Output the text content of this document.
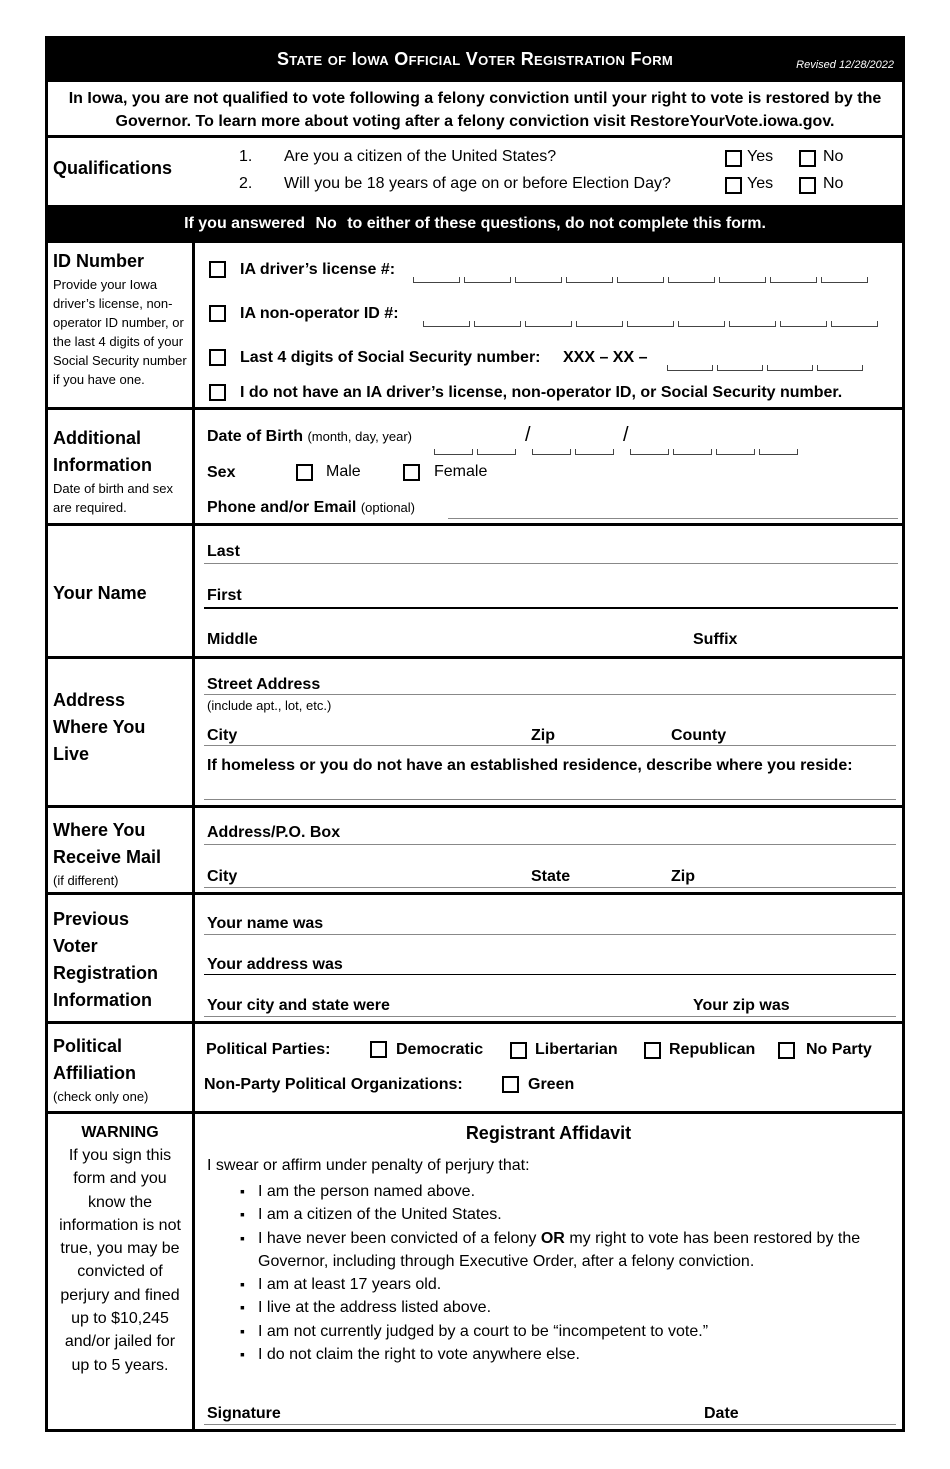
State of Iowa Official Voter Registration Form	Revised 12/28/2022
In Iowa, you are not qualified to vote following a felony conviction until your right to vote is restored by the Governor. To learn more about voting after a felony conviction visit RestoreYourVote.iowa.gov.
Qualifications
1. Are you a citizen of the United States?	Yes	No
2. Will you be 18 years of age on or before Election Day?	Yes	No
If you answered No to either of these questions, do not complete this form.
ID Number
Provide your Iowa driver’s license, non-operator ID number, or the last 4 digits of your Social Security number if you have one.
IA driver’s license #:
IA non-operator ID #:
Last 4 digits of Social Security number: XXX – XX –
I do not have an IA driver’s license, non-operator ID, or Social Security number.
Additional
Information
Date of birth and sex are required.
Date of Birth (month, day, year)	/	/
Sex	Male	Female
Phone and/or Email (optional)
Your Name
Last
First
Middle	Suffix
Address
Where You
Live
Street Address
(include apt., lot, etc.)
City	Zip	County
If homeless or you do not have an established residence, describe where you reside:
Where You
Receive Mail
(if different)
Address/P.O. Box
City	State	Zip
Previous
Voter
Registration
Information
Your name was
Your address was
Your city and state were	Your zip was
Political
Affiliation
(check only one)
Political Parties:	Democratic	Libertarian	Republican	No Party
Non-Party Political Organizations:	Green
WARNING
If you sign this form and you know the information is not true, you may be convicted of perjury and fined up to $10,245 and/or jailed for up to 5 years.
Registrant Affidavit
I swear or affirm under penalty of perjury that:
▪ I am the person named above.
▪ I am a citizen of the United States.
▪ I have never been convicted of a felony OR my right to vote has been restored by the Governor, including through Executive Order, after a felony conviction.
▪ I am at least 17 years old.
▪ I live at the address listed above.
▪ I am not currently judged by a court to be “incompetent to vote.”
▪ I do not claim the right to vote anywhere else.
Signature	Date
